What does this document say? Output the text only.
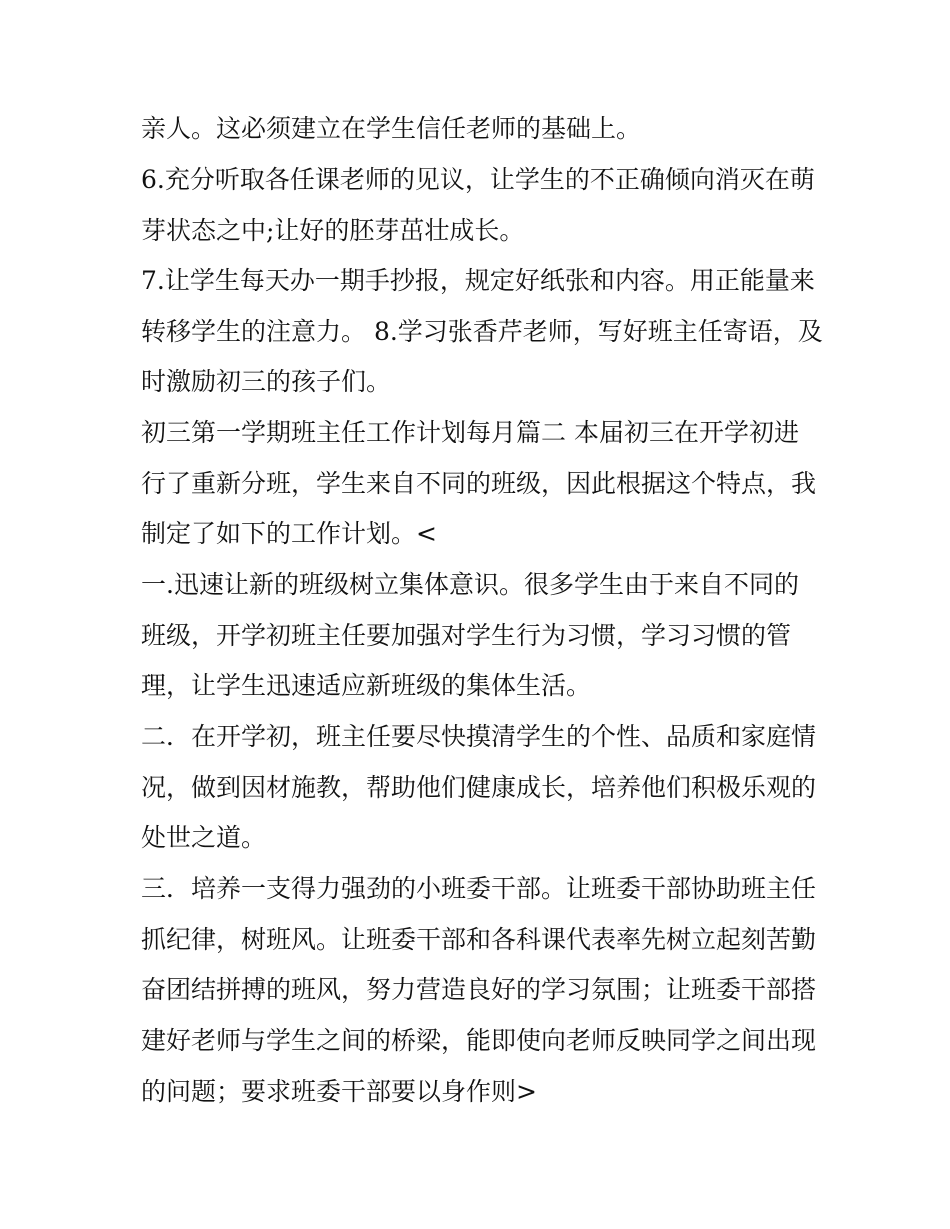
亲人。这必须建立在学生信任老师的基础上。
6.充分听取各任课老师的见议，让学生的不正确倾向消灭在萌
芽状态之中;让好的胚芽茁壮成长。
7.让学生每天办一期手抄报，规定好纸张和内容。用正能量来
转移学生的注意力。 8.学习张香芹老师，写好班主任寄语，及
时激励初三的孩子们。
初三第一学期班主任工作计划每月篇二 本届初三在开学初进
行了重新分班，学生来自不同的班级，因此根据这个特点，我
制定了如下的工作计划。<
一.迅速让新的班级树立集体意识。很多学生由于来自不同的
班级，开学初班主任要加强对学生行为习惯，学习习惯的管
理，让学生迅速适应新班级的集体生活。
二．在开学初，班主任要尽快摸清学生的个性、品质和家庭情
况，做到因材施教，帮助他们健康成长，培养他们积极乐观的
处世之道。
三．培养一支得力强劲的小班委干部。让班委干部协助班主任
抓纪律，树班风。让班委干部和各科课代表率先树立起刻苦勤
奋团结拼搏的班风，努力营造良好的学习氛围；让班委干部搭
建好老师与学生之间的桥梁，能即使向老师反映同学之间出现
的问题；要求班委干部要以身作则>
